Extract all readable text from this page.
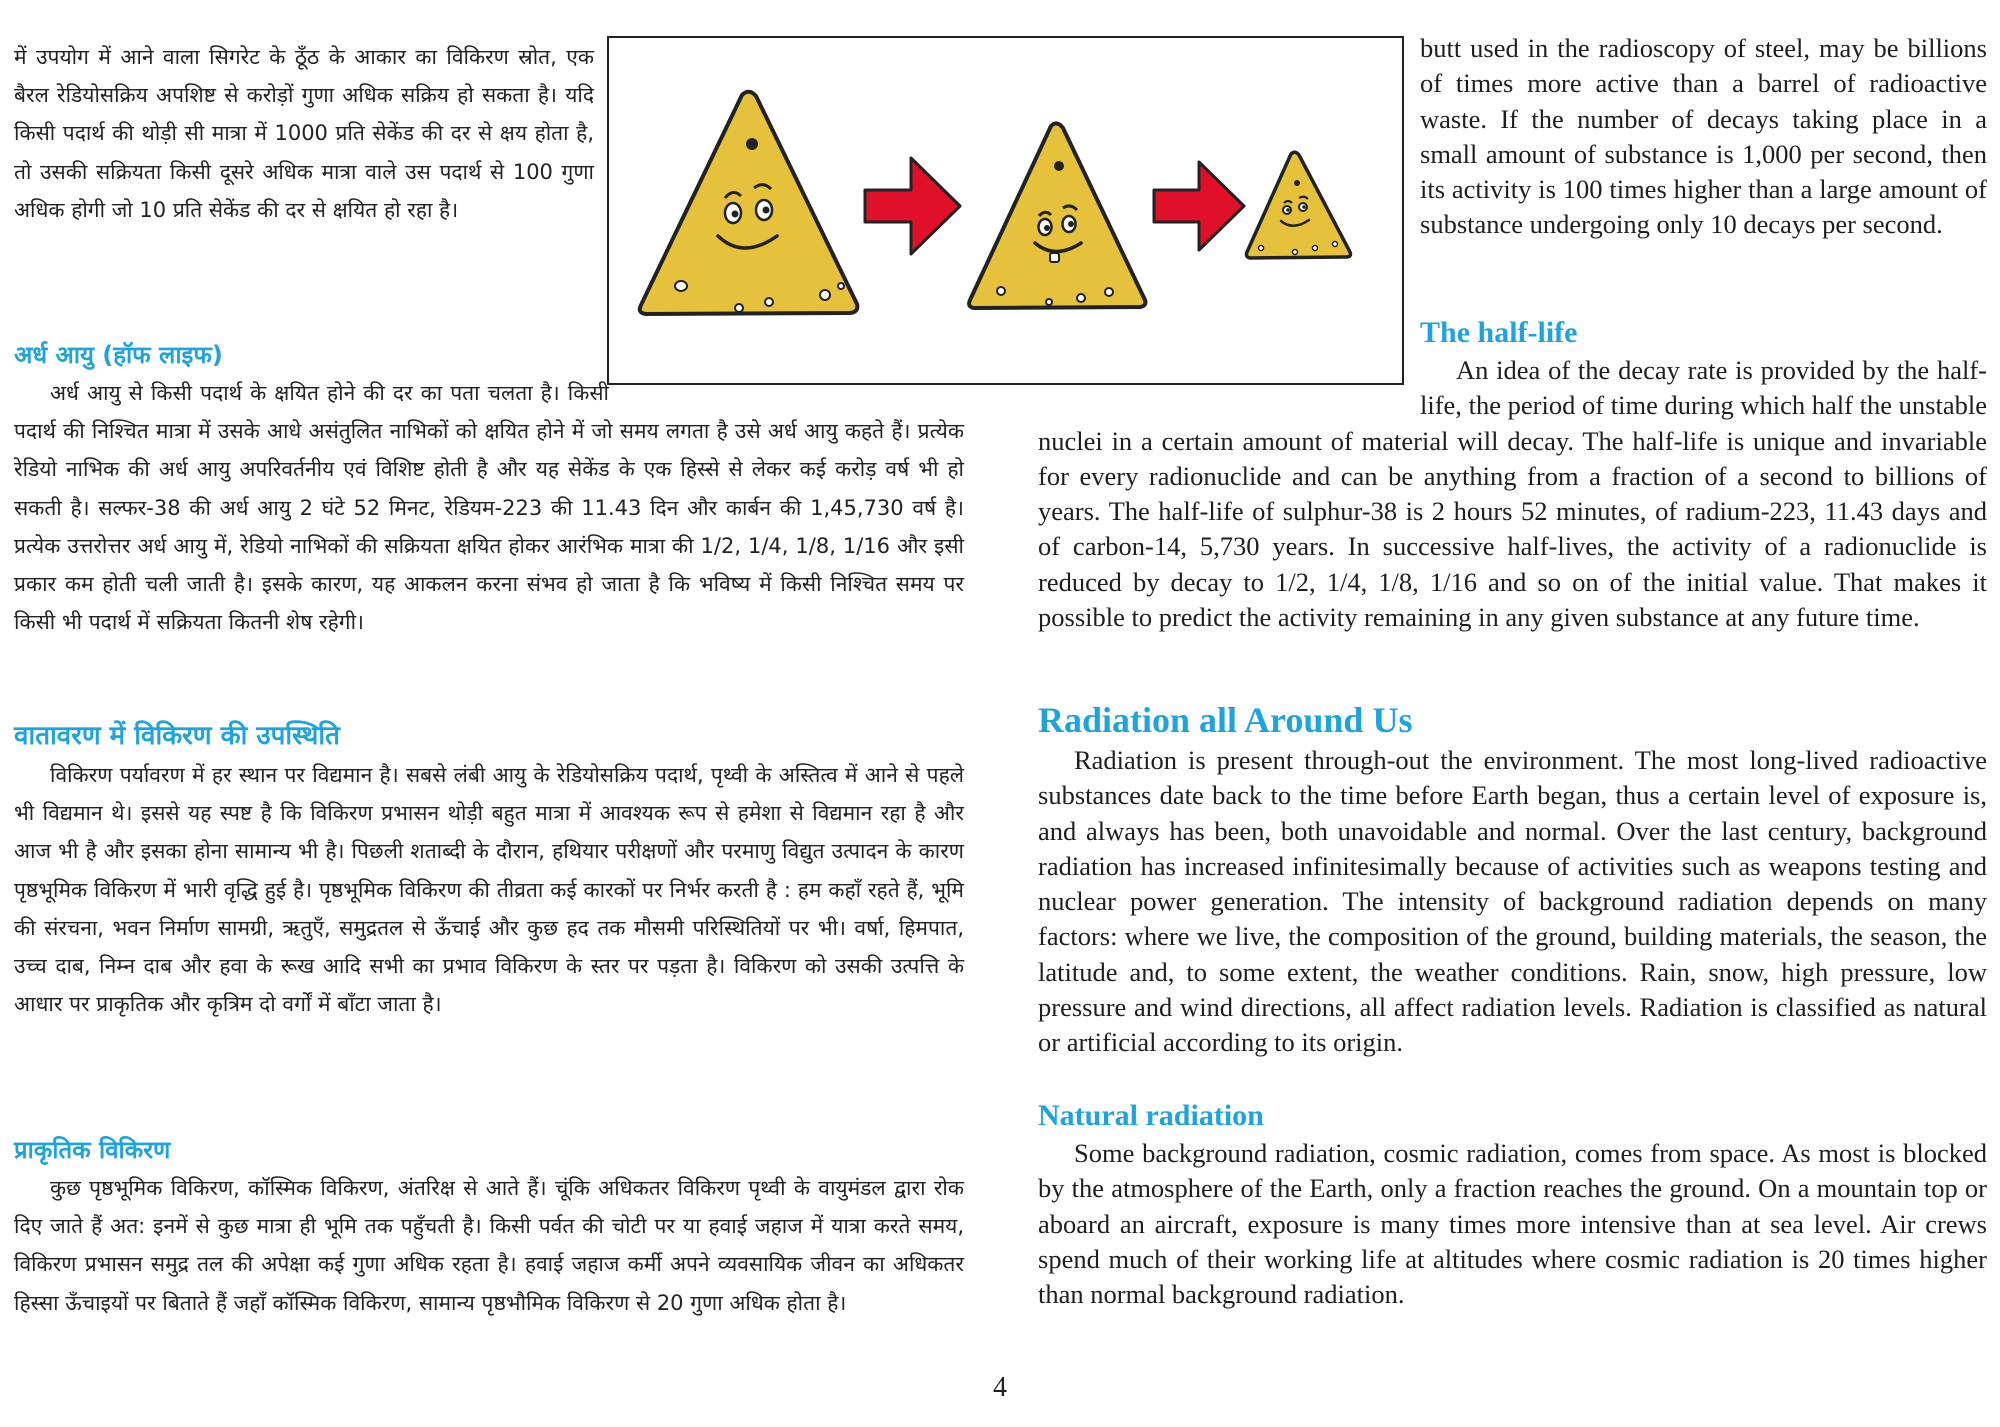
में उपयोग में आने वाला सिगरेट के ठूँठ के आकार का विकिरण स्रोत, एक बैरल रेडियोसक्रिय अपशिष्ट से करोड़ों गुणा अधिक सक्रिय हो सकता है। यदि किसी पदार्थ की थोड़ी सी मात्रा में 1000 प्रति सेकेंड की दर से क्षय होता है, तो उसकी सक्रियता किसी दूसरे अधिक मात्रा वाले उस पदार्थ से 100 गुणा अधिक होगी जो 10 प्रति सेकेंड की दर से क्षयित हो रहा है।

अर्ध आयु (हॉफ लाइफ)

अर्ध आयु से किसी पदार्थ के क्षयित होने की दर का पता चलता है। किसी पदार्थ की निश्चित मात्रा में उसके आधे असंतुलित नाभिकों को क्षयित होने में जो समय लगता है उसे अर्ध आयु कहते हैं। प्रत्येक रेडियो नाभिक की अर्ध आयु अपरिवर्तनीय एवं विशिष्ट होती है और यह सेकेंड के एक हिस्से से लेकर कई करोड़ वर्ष भी हो सकती है। सल्फर-38 की अर्ध आयु 2 घंटे 52 मिनट, रेडियम-223 की 11.43 दिन और कार्बन की 1,45,730 वर्ष है। प्रत्येक उत्तरोत्तर अर्ध आयु में, रेडियो नाभिकों की सक्रियता क्षयित होकर आरंभिक मात्रा की 1/2, 1/4, 1/8, 1/16 और इसी प्रकार कम होती चली जाती है। इसके कारण, यह आकलन करना संभव हो जाता है कि भविष्य में किसी निश्चित समय पर किसी भी पदार्थ में सक्रियता कितनी शेष रहेगी।

वातावरण में विकिरण की उपस्थिति

विकिरण पर्यावरण में हर स्थान पर विद्यमान है। सबसे लंबी आयु के रेडियोसक्रिय पदार्थ, पृथ्वी के अस्तित्व में आने से पहले भी विद्यमान थे। इससे यह स्पष्ट है कि विकिरण प्रभासन थोड़ी बहुत मात्रा में आवश्यक रूप से हमेशा से विद्यमान रहा है और आज भी है और इसका होना सामान्य भी है। पिछली शताब्दी के दौरान, हथियार परीक्षणों और परमाणु विद्युत उत्पादन के कारण पृष्ठभूमिक विकिरण में भारी वृद्धि हुई है। पृष्ठभूमिक विकिरण की तीव्रता कई कारकों पर निर्भर करती है : हम कहाँ रहते हैं, भूमि की संरचना, भवन निर्माण सामग्री, ऋतुएँ, समुद्रतल से ऊँचाई और कुछ हद तक मौसमी परिस्थितियों पर भी। वर्षा, हिमपात, उच्च दाब, निम्न दाब और हवा के रूख आदि सभी का प्रभाव विकिरण के स्तर पर पड़ता है। विकिरण को उसकी उत्पत्ति के आधार पर प्राकृतिक और कृत्रिम दो वर्गों में बाँटा जाता है।

प्राकृतिक विकिरण

कुछ पृष्ठभूमिक विकिरण, कॉस्मिक विकिरण, अंतरिक्ष से आते हैं। चूंकि अधिकतर विकिरण पृथ्वी के वायुमंडल द्वारा रोक दिए जाते हैं अत: इनमें से कुछ मात्रा ही भूमि तक पहुँचती है। किसी पर्वत की चोटी पर या हवाई जहाज में यात्रा करते समय, विकिरण प्रभासन समुद्र तल की अपेक्षा कई गुणा अधिक रहता है। हवाई जहाज कर्मी अपने व्यवसायिक जीवन का अधिकतर हिस्सा ऊँचाइयों पर बिताते हैं जहाँ कॉस्मिक विकिरण, सामान्य पृष्ठभौमिक विकिरण से 20 गुणा अधिक होता है।

butt used in the radioscopy of steel, may be billions of times more active than a barrel of radioactive waste. If the number of decays taking place in a small amount of substance is 1,000 per second, then its activity is 100 times higher than a large amount of substance undergoing only 10 decays per second.

The half-life

An idea of the decay rate is provided by the half-life, the period of time during which half the unstable nuclei in a certain amount of material will decay. The half-life is unique and invariable for every radionuclide and can be anything from a fraction of a second to billions of years. The half-life of sulphur-38 is 2 hours 52 minutes, of radium-223, 11.43 days and of carbon-14, 5,730 years. In successive half-lives, the activity of a radionuclide is reduced by decay to 1/2, 1/4, 1/8, 1/16 and so on of the initial value. That makes it possible to predict the activity remaining in any given substance at any future time.

Radiation all Around Us

Radiation is present through-out the environment. The most long-lived radioactive substances date back to the time before Earth began, thus a certain level of exposure is, and always has been, both unavoidable and normal. Over the last century, background radiation has increased infinitesimally because of activities such as weapons testing and nuclear power generation. The intensity of background radiation depends on many factors: where we live, the composition of the ground, building materials, the season, the latitude and, to some extent, the weather conditions. Rain, snow, high pressure, low pressure and wind directions, all affect radiation levels. Radiation is classified as natural or artificial according to its origin.

Natural radiation

Some background radiation, cosmic radiation, comes from space. As most is blocked by the atmosphere of the Earth, only a fraction reaches the ground. On a mountain top or aboard an aircraft, exposure is many times more intensive than at sea level. Air crews spend much of their working life at altitudes where cosmic radiation is 20 times higher than normal background radiation.

4
